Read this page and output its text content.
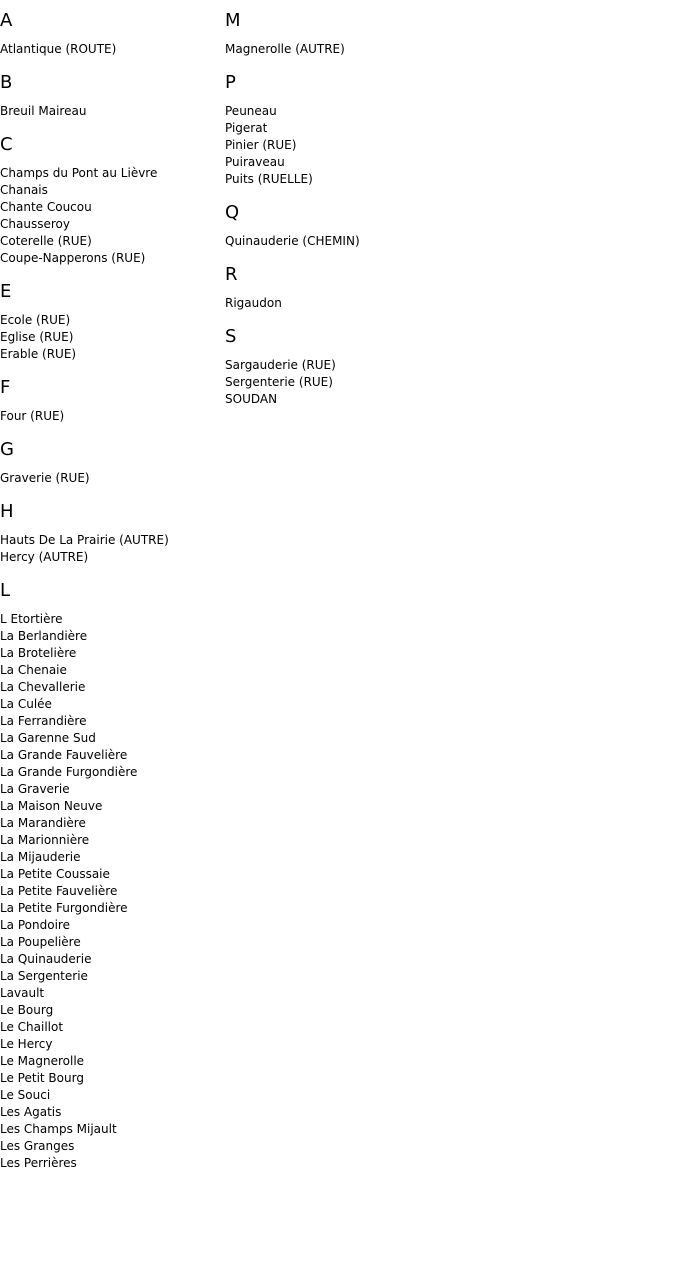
A
Atlantique (ROUTE)
B
Breuil Maireau
C
Champs du Pont au Lièvre
Chanais
Chante Coucou
Chausseroy
Coterelle (RUE)
Coupe-Napperons (RUE)
E
Ecole (RUE)
Eglise (RUE)
Erable (RUE)
F
Four (RUE)
G
Graverie (RUE)
H
Hauts De La Prairie (AUTRE)
Hercy (AUTRE)
L
L Etortière
La Berlandière
La Brotelière
La Chenaie
La Chevallerie
La Culée
La Ferrandière
La Garenne Sud
La Grande Fauvelière
La Grande Furgondière
La Graverie
La Maison Neuve
La Marandière
La Marionnière
La Mijauderie
La Petite Coussaie
La Petite Fauvelière
La Petite Furgondière
La Pondoire
La Poupelière
La Quinauderie
La Sergenterie
Lavault
Le Bourg
Le Chaillot
Le Hercy
Le Magnerolle
Le Petit Bourg
Le Souci
Les Agatis
Les Champs Mijault
Les Granges
Les Perrières
M
Magnerolle (AUTRE)
P
Peuneau
Pigerat
Pinier (RUE)
Puiraveau
Puits (RUELLE)
Q
Quinauderie (CHEMIN)
R
Rigaudon
S
Sargauderie (RUE)
Sergenterie (RUE)
SOUDAN
